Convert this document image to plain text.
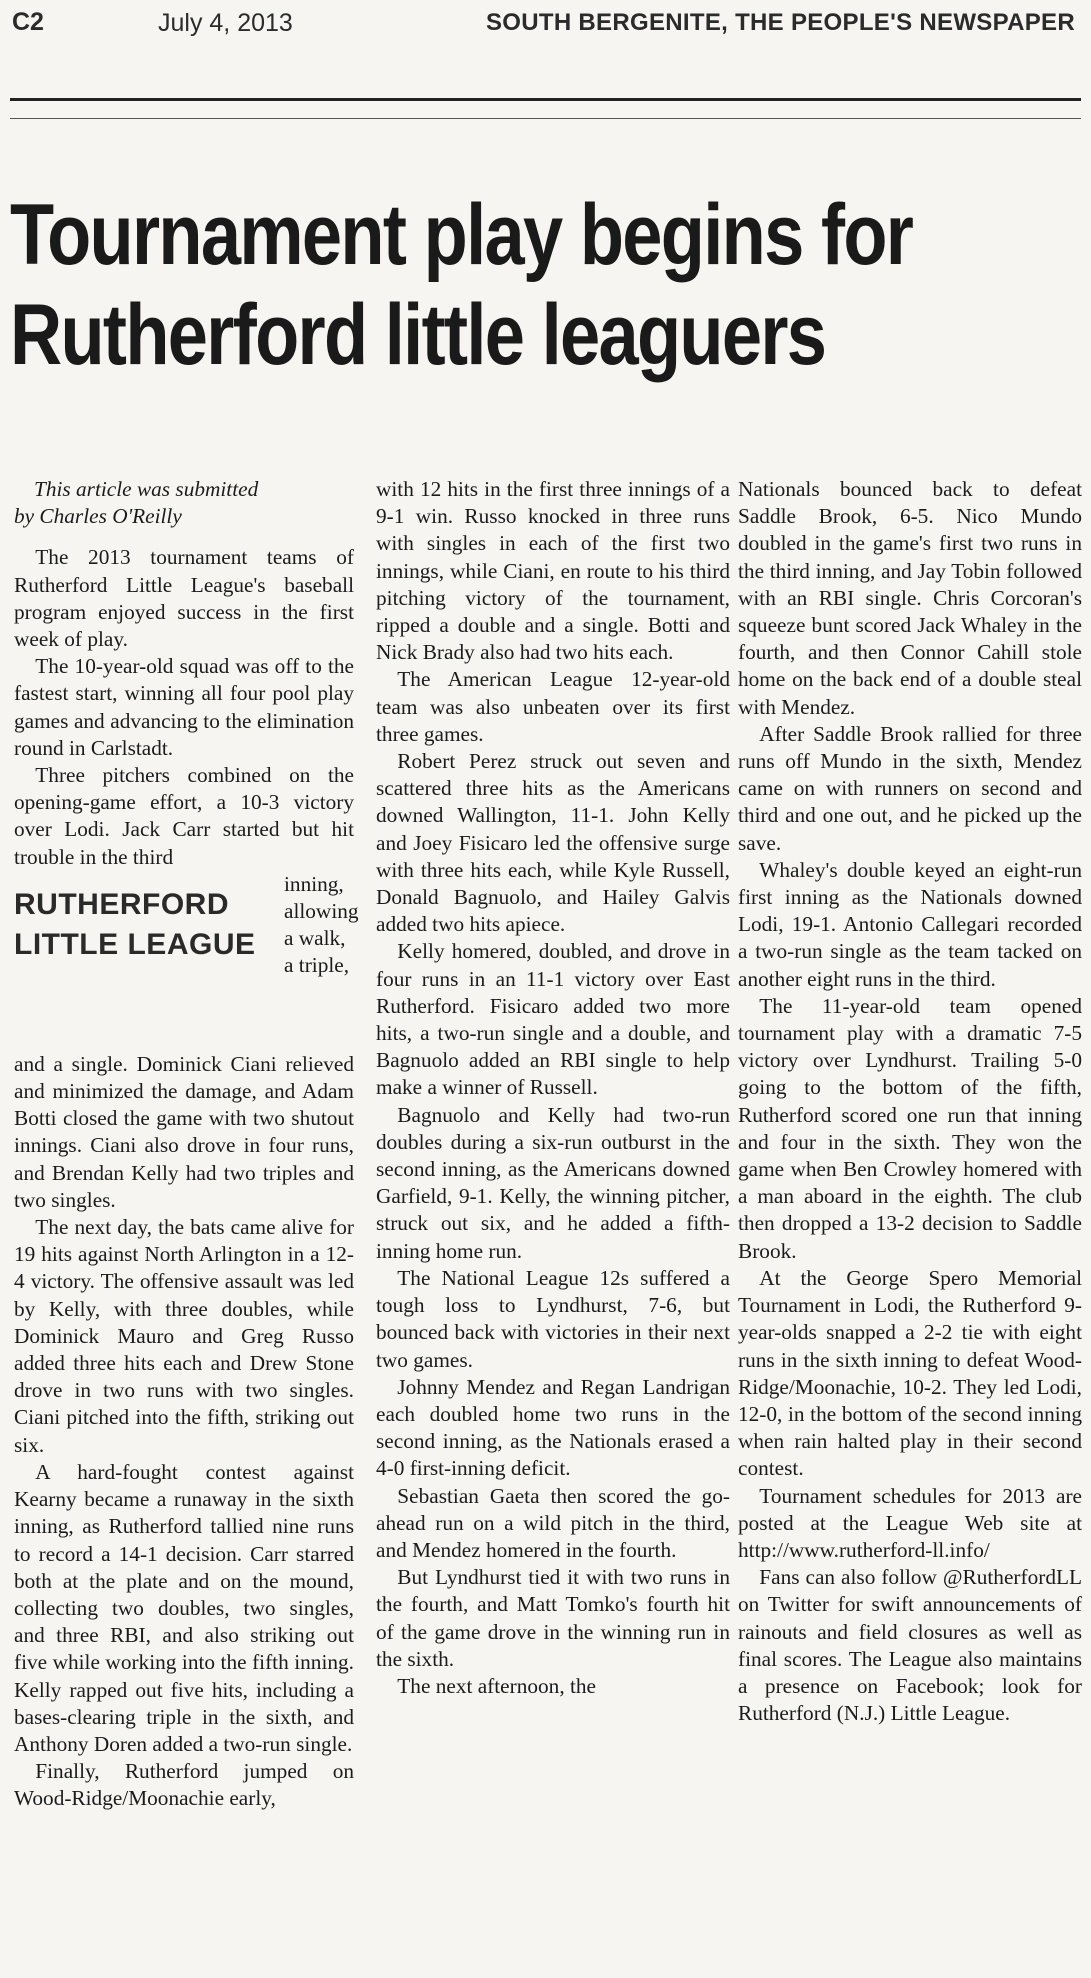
C2	July 4, 2013	SOUTH BERGENITE, THE PEOPLE'S NEWSPAPER
Tournament play begins for
Rutherford little leaguers

This article was submitted

by Charles O'Reilly

The 2013 tournament teams of Rutherford Little League's baseball program enjoyed success in the first week of play.

The 10-year-old squad was off to the fastest start, winning all four pool play games and advancing to the elimination round in Carlstadt.

Three pitchers combined on the opening-game effort, a 10-3 victory over Lodi. Jack Carr started but hit trouble in the third

RUTHERFORD
LITTLE LEAGUE
inning, allowing a walk, a triple,

and a single. Dominick Ciani relieved and minimized the damage, and Adam Botti closed the game with two shutout innings. Ciani also drove in four runs, and Brendan Kelly had two triples and two singles.

The next day, the bats came alive for 19 hits against North Arlington in a 12-4 victory. The offensive assault was led by Kelly, with three doubles, while Dominick Mauro and Greg Russo added three hits each and Drew Stone drove in two runs with two singles. Ciani pitched into the fifth, striking out six.

A hard-fought contest against Kearny became a runaway in the sixth inning, as Rutherford tallied nine runs to record a 14-1 decision. Carr starred both at the plate and on the mound, collecting two doubles, two singles, and three RBI, and also striking out five while working into the fifth inning. Kelly rapped out five hits, including a bases-clearing triple in the sixth, and Anthony Doren added a two-run single.

Finally, Rutherford jumped on Wood-Ridge/Moonachie early,

with 12 hits in the first three innings of a 9-1 win. Russo knocked in three runs with singles in each of the first two innings, while Ciani, en route to his third pitching victory of the tournament, ripped a double and a single. Botti and Nick Brady also had two hits each.

The American League 12-year-old team was also unbeaten over its first three games.

Robert Perez struck out seven and scattered three hits as the Americans downed Wallington, 11-1. John Kelly and Joey Fisicaro led the offensive surge with three hits each, while Kyle Russell, Donald Bagnuolo, and Hailey Galvis added two hits apiece.

Kelly homered, doubled, and drove in four runs in an 11-1 victory over East Rutherford. Fisicaro added two more hits, a two-run single and a double, and Bagnuolo added an RBI single to help make a winner of Russell.

Bagnuolo and Kelly had two-run doubles during a six-run outburst in the second inning, as the Americans downed Garfield, 9-1. Kelly, the winning pitcher, struck out six, and he added a fifth-inning home run.

The National League 12s suffered a tough loss to Lyndhurst, 7-6, but bounced back with victories in their next two games.

Johnny Mendez and Regan Landrigan each doubled home two runs in the second inning, as the Nationals erased a 4-0 first-inning deficit.

Sebastian Gaeta then scored the go-ahead run on a wild pitch in the third, and Mendez homered in the fourth.

But Lyndhurst tied it with two runs in the fourth, and Matt Tomko's fourth hit of the game drove in the winning run in the sixth.

The next afternoon, the

Nationals bounced back to defeat Saddle Brook, 6-5. Nico Mundo doubled in the game's first two runs in the third inning, and Jay Tobin followed with an RBI single. Chris Corcoran's squeeze bunt scored Jack Whaley in the fourth, and then Connor Cahill stole home on the back end of a double steal with Mendez.

After Saddle Brook rallied for three runs off Mundo in the sixth, Mendez came on with runners on second and third and one out, and he picked up the save.

Whaley's double keyed an eight-run first inning as the Nationals downed Lodi, 19-1. Antonio Callegari recorded a two-run single as the team tacked on another eight runs in the third.

The 11-year-old team opened tournament play with a dramatic 7-5 victory over Lyndhurst. Trailing 5-0 going to the bottom of the fifth, Rutherford scored one run that inning and four in the sixth. They won the game when Ben Crowley homered with a man aboard in the eighth. The club then dropped a 13-2 decision to Saddle Brook.

At the George Spero Memorial Tournament in Lodi, the Rutherford 9-year-olds snapped a 2-2 tie with eight runs in the sixth inning to defeat Wood-Ridge/Moonachie, 10-2. They led Lodi, 12-0, in the bottom of the second inning when rain halted play in their second contest.

Tournament schedules for 2013 are posted at the League Web site at http://www.rutherford-ll.info/

Fans can also follow @RutherfordLL on Twitter for swift announcements of rainouts and field closures as well as final scores. The League also maintains a presence on Facebook; look for Rutherford (N.J.) Little League.
